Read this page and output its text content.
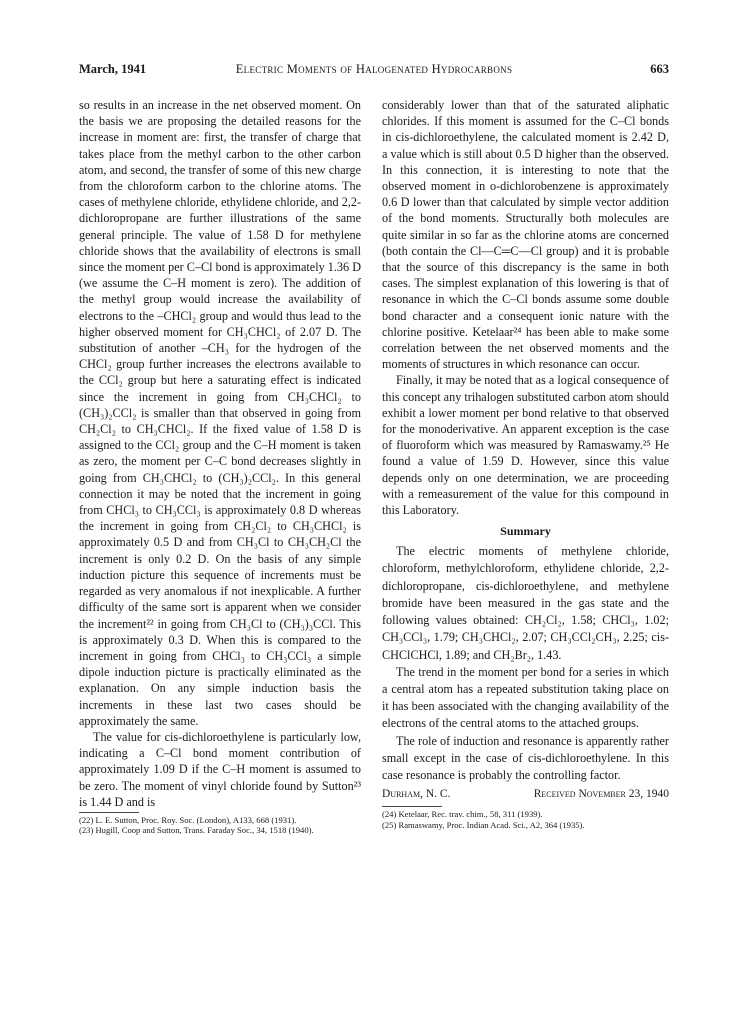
March, 1941	Electric Moments of Halogenated Hydrocarbons	663

so results in an increase in the net observed moment. On the basis we are proposing the detailed reasons for the increase in moment are: first, the transfer of charge that takes place from the methyl carbon to the other carbon atom, and second, the transfer of some of this new charge from the chloroform carbon to the chlorine atoms. The cases of methylene chloride, ethylidene chloride, and 2,2-dichloropropane are further illustrations of the same general principle. The value of 1.58 D for methylene chloride shows that the availability of electrons is small since the moment per C–Cl bond is approximately 1.36 D (we assume the C–H moment is zero). The addition of the methyl group would increase the availability of electrons to the –CHCl₂ group and would thus lead to the higher observed moment for CH₃CHCl₂ of 2.07 D. The substitution of another –CH₃ for the hydrogen of the CHCl₂ group further increases the electrons available to the CCl₂ group but here a saturating effect is indicated since the increment in going from CH₃CHCl₂ to (CH₃)₂CCl₂ is smaller than that observed in going from CH₂Cl₂ to CH₃CHCl₂. If the fixed value of 1.58 D is assigned to the CCl₂ group and the C–H moment is taken as zero, the moment per C–C bond decreases slightly in going from CH₃CHCl₂ to (CH₃)₂CCl₂. In this general connection it may be noted that the increment in going from CHCl₃ to CH₃CCl₃ is approximately 0.8 D whereas the increment in going from CH₂Cl₂ to CH₃CHCl₂ is approximately 0.5 D and from CH₃Cl to CH₃CH₂Cl the increment is only 0.2 D. On the basis of any simple induction picture this sequence of increments must be regarded as very anomalous if not inexplicable. A further difficulty of the same sort is apparent when we consider the increment²² in going from CH₃Cl to (CH₃)₃CCl. This is approximately 0.3 D. When this is compared to the increment in going from CHCl₃ to CH₃CCl₃ a simple dipole induction picture is practically eliminated as the explanation. On any simple induction basis the increments in these last two cases should be approximately the same.

The value for cis-dichloroethylene is particularly low, indicating a C–Cl bond moment contribution of approximately 1.09 D if the C–H moment is assumed to be zero. The moment of vinyl chloride found by Sutton²³ is 1.44 D and is

(22) L. E. Sutton, Proc. Roy. Soc. (London), A133, 668 (1931).

(23) Hugill, Coop and Sutton, Trans. Faraday Soc., 34, 1518 (1940).

considerably lower than that of the saturated aliphatic chlorides. If this moment is assumed for the C–Cl bonds in cis-dichloroethylene, the calculated moment is 2.42 D, a value which is still about 0.5 D higher than the observed. In this connection, it is interesting to note that the observed moment in o-dichlorobenzene is approximately 0.6 D lower than that calculated by simple vector addition of the bond moments. Structurally both molecules are quite similar in so far as the chlorine atoms are concerned (both contain the Cl—C═C—Cl group) and it is probable that the source of this discrepancy is the same in both cases. The simplest explanation of this lowering is that of resonance in which the C–Cl bonds assume some double bond character and a consequent ionic nature with the chlorine positive. Ketelaar²⁴ has been able to make some correlation between the net observed moments and the moments of structures in which resonance can occur.

Finally, it may be noted that as a logical consequence of this concept any trihalogen substituted carbon atom should exhibit a lower moment per bond relative to that observed for the monoderivative. An apparent exception is the case of fluoroform which was measured by Ramaswamy.²⁵ He found a value of 1.59 D. However, since this value depends only on one determination, we are proceeding with a remeasurement of the value for this compound in this Laboratory.

Summary

The electric moments of methylene chloride, chloroform, methylchloroform, ethylidene chloride, 2,2-dichloropropane, cis-dichloroethylene, and methylene bromide have been measured in the gas state and the following values obtained: CH₂Cl₂, 1.58; CHCl₃, 1.02; CH₃CCl₃, 1.79; CH₃CHCl₂, 2.07; CH₃CCl₂CH₃, 2.25; cis-CHClCHCl, 1.89; and CH₂Br₂, 1.43.

The trend in the moment per bond for a series in which a central atom has a repeated substitution taking place on it has been associated with the changing availability of the electrons of the central atoms to the attached groups.

The role of induction and resonance is apparently rather small except in the case of cis-dichloroethylene. In this case resonance is probably the controlling factor.

Durham, N. C.	Received November 23, 1940

(24) Ketelaar, Rec. trav. chim., 58, 311 (1939).

(25) Ramaswamy, Proc. Indian Acad. Sci., A2, 364 (1935).
